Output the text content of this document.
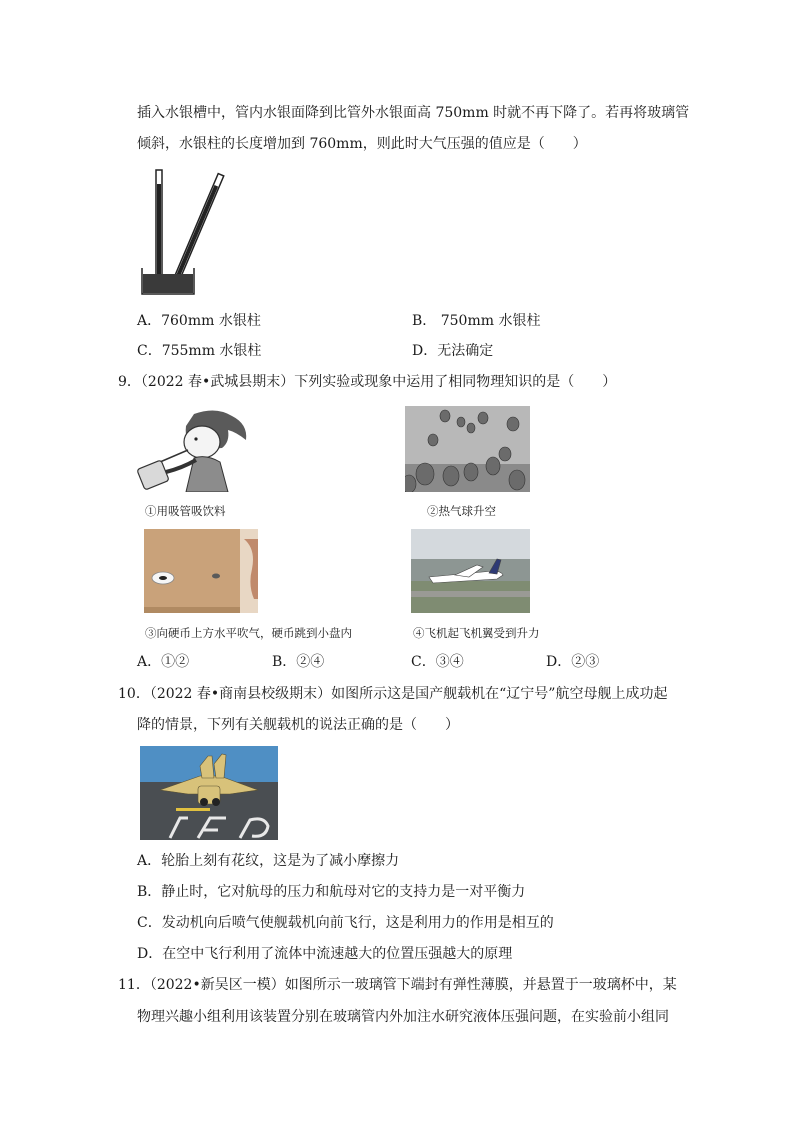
插入水银槽中，管内水银面降到比管外水银面高 750mm 时就不再下降了。若再将玻璃管
倾斜，水银柱的长度增加到 760mm，则此时大气压强的值应是（　　）
A．760mm 水银柱	B． 750mm 水银柱
C．755mm 水银柱	D．无法确定
9．（2022 春•武城县期末）下列实验或现象中运用了相同物理知识的是（　　）
①用吸管吸饮料	②热气球升空
③向硬币上方水平吹气，硬币跳到小盘内	④飞机起飞机翼受到升力
A．①②	B．②④	C．③④	D．②③
10．（2022 春•商南县校级期末）如图所示这是国产舰载机在“辽宁号”航空母舰上成功起
降的情景，下列有关舰载机的说法正确的是（　　）
A．轮胎上刻有花纹，这是为了减小摩擦力
B．静止时，它对航母的压力和航母对它的支持力是一对平衡力
C．发动机向后喷气使舰载机向前飞行，这是利用力的作用是相互的
D．在空中飞行利用了流体中流速越大的位置压强越大的原理
11．（2022•新吴区一模）如图所示一玻璃管下端封有弹性薄膜，并悬置于一玻璃杯中，某
物理兴趣小组利用该装置分别在玻璃管内外加注水研究液体压强问题，在实验前小组同
